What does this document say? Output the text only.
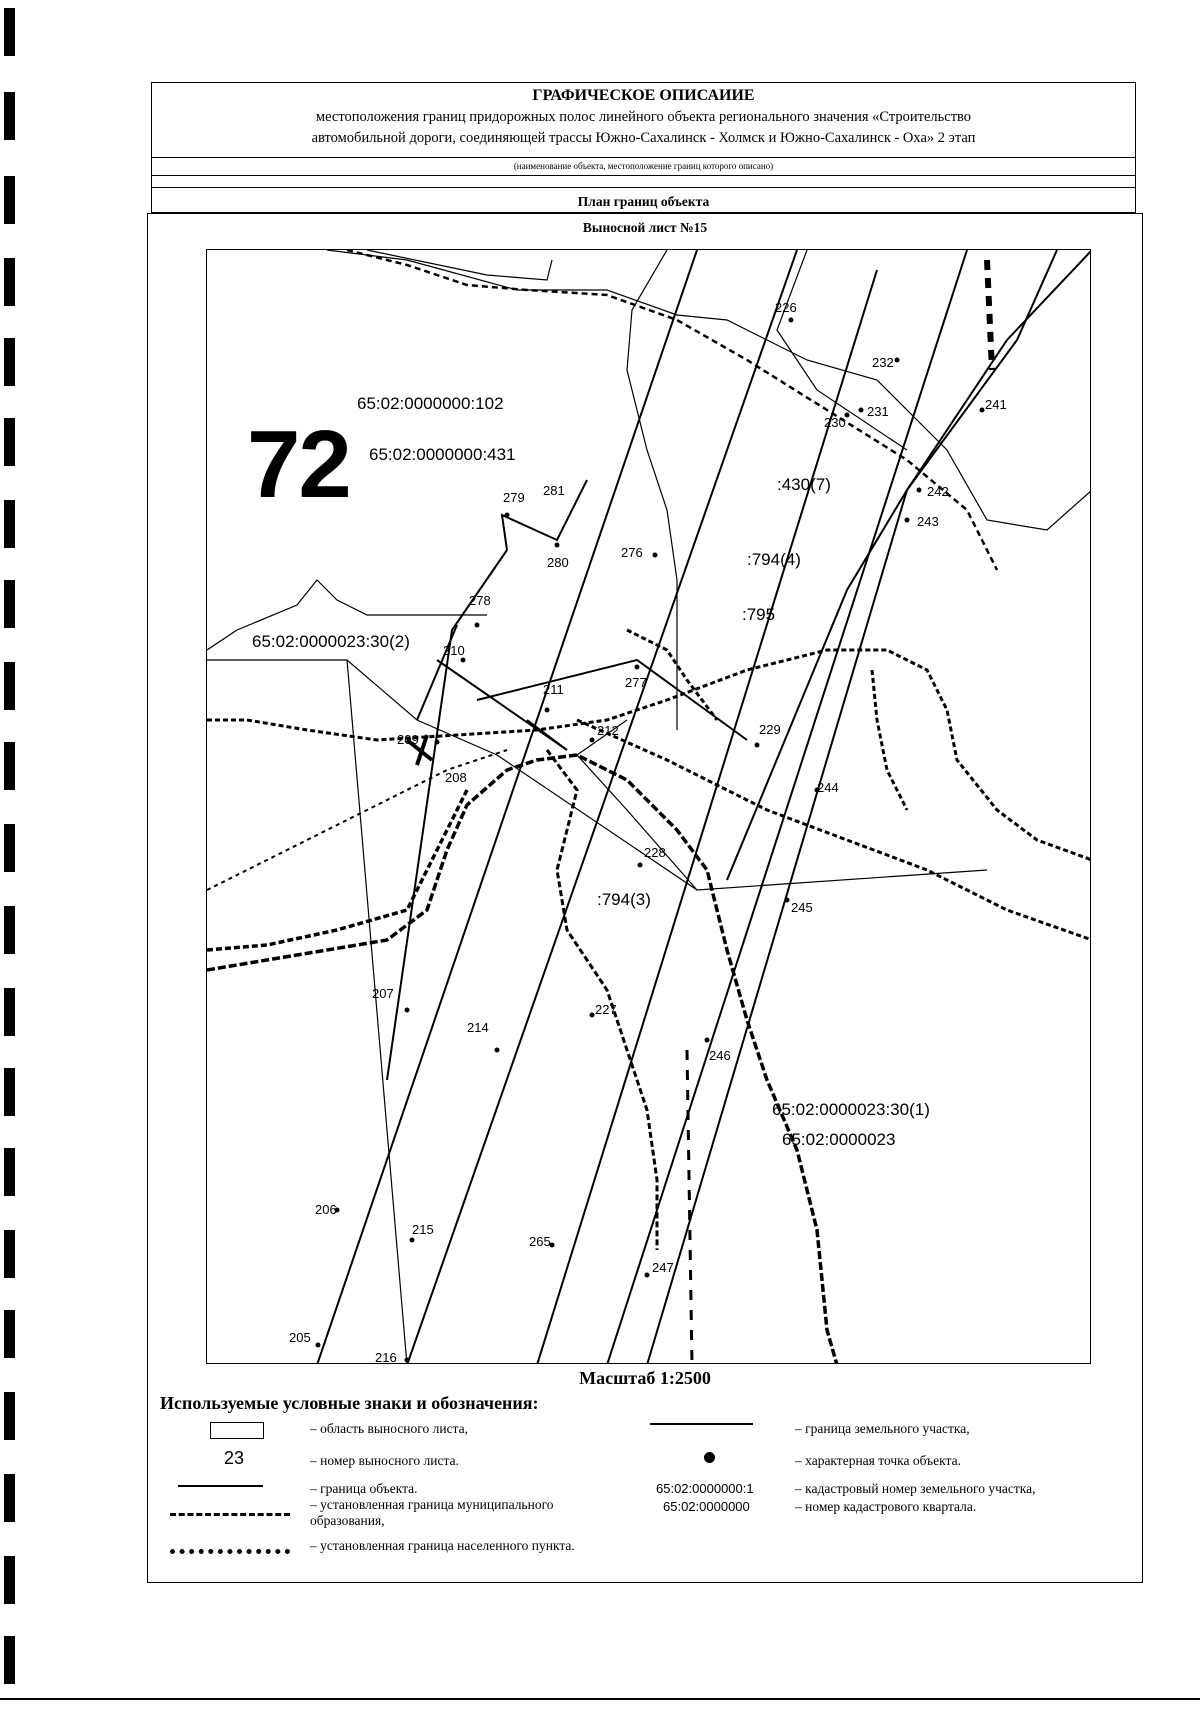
ГРАФИЧЕСКОЕ ОПИСАИИЕ
местоположения границ придорожных полос линейного объекта регионального значения «Строительство
автомобильной дороги, соединяющей трассы Южно-Сахалинск - Холмск и Южно-Сахалинск - Оха» 2 этап
(наименование объекта, местоположение границ которого описано)
План границ объекта
Выносной лист №15
65:02:0000000:102
65:02:0000000:431
:430(7)
:794(4)
:795
65:02:0000023:30(2)
:794(3)
65:02:0000023:30(1)
65:02:0000023
72
226
232
231
230
241
242
243
279 281
280
276
278
210
211	277
212	229
209
208
244
228
245
207
214
227
246
206
215
265
247
205
216
Масштаб 1:2500
Используемые условные знаки и обозначения:
– область выносного листа,
23	– номер выносного листа.
– граница объекта.
– установленная граница муниципального образования,
– установленная граница населенного пункта.
– граница земельного участка,
– характерная точка объекта.
65:02:0000000:1	– кадастровый номер земельного участка,
65:02:0000000	– номер кадастрового квартала.
